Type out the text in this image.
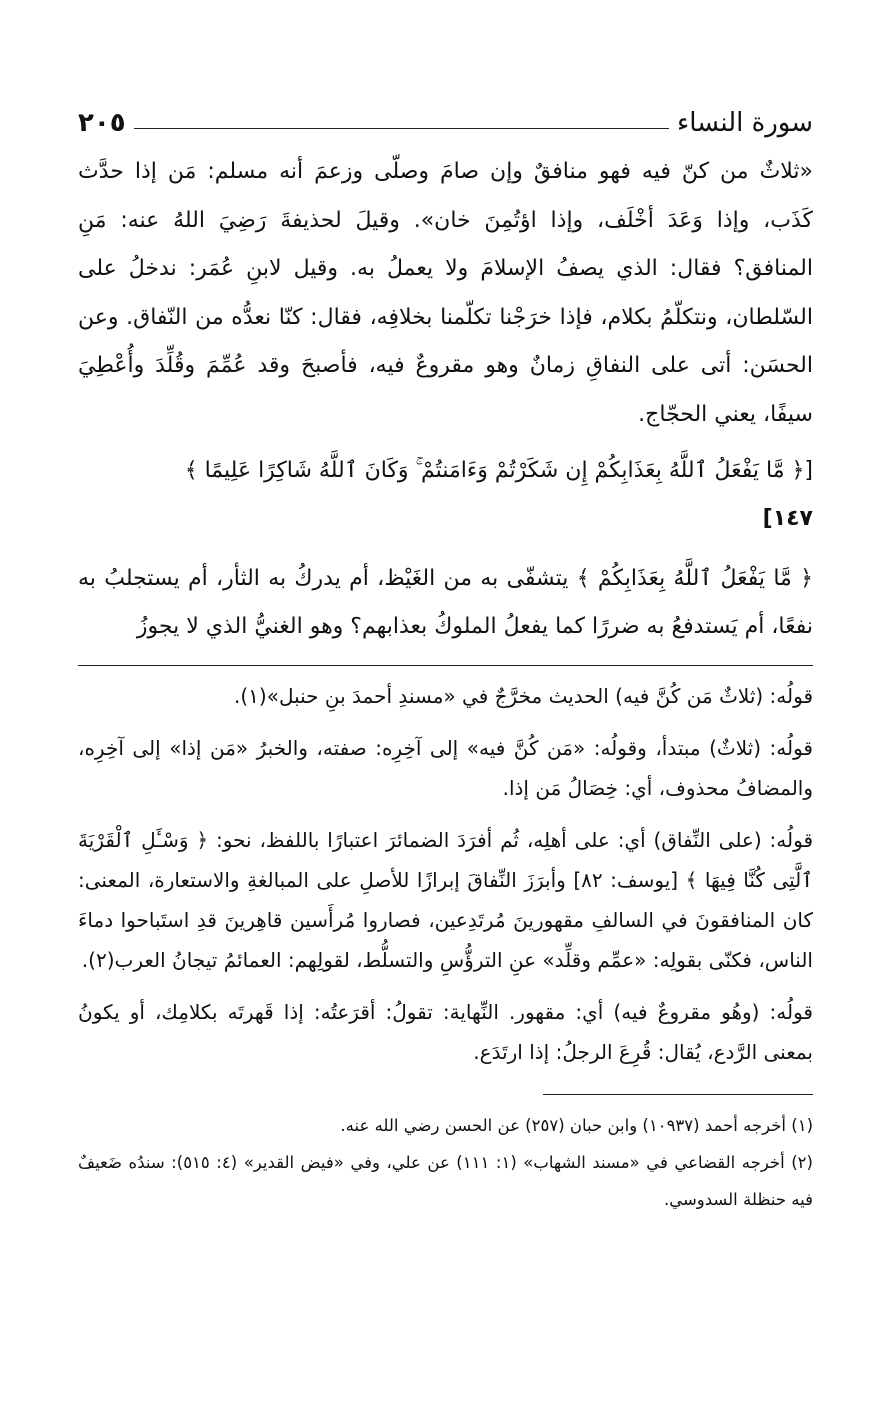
سورة النساء
٢٠٥

«ثلاثٌ من كنّ فيه فهو منافقٌ وإن صامَ وصلّى وزعمَ أنه مسلم: مَن إذا حدَّث كَذَب، وإذا وَعَدَ أخْلَف، وإذا اؤتُمِنَ خان». وقيلَ لحذيفةَ رَضِيَ اللهُ عنه: مَنِ المنافق؟ فقال: الذي يصفُ الإسلامَ ولا يعملُ به. وقيل لابنِ عُمَر: ندخلُ على السّلطان، ونتكلّمُ بكلام، فإذا خرَجْنا تكلّمنا بخلافِه، فقال: كنّا نعدُّه من النّفاق. وعن الحسَن: أتى على النفاقِ زمانٌ وهو مقروعٌ فيه، فأصبحَ وقد عُمِّمَ وقُلِّدَ وأُعْطِيَ سيفًا، يعني الحجّاج.

[﴿ مَّا يَفْعَلُ ٱللَّهُ بِعَذَابِكُمْ إِن شَكَرْتُمْ وَءَامَنتُمْ ۚ وَكَانَ ٱللَّهُ شَاكِرًا عَلِيمًا ﴾

١٤٧]

﴿ مَّا يَفْعَلُ ٱللَّهُ بِعَذَابِكُمْ ﴾ يتشفّى به من الغَيْظ، أم يدركُ به الثأر، أم يستجلبُ به نفعًا، أم يَستدفعُ به ضررًا كما يفعلُ الملوكُ بعذابهم؟ وهو الغنيُّ الذي لا يجوزُ

قولُه: (ثلاثٌ مَن كُنَّ فيه) الحديث مخرَّجٌ في «مسندِ أحمدَ بنِ حنبل»(١).

قولُه: (ثلاثٌ) مبتدأ، وقولُه: «مَن كُنَّ فيه» إلى آخِرِه: صفته، والخبرُ «مَن إذا» إلى آخِرِه، والمضافُ محذوف، أي: خِصَالُ مَن إذا.

قولُه: (على النِّفاق) أي: على أهلِه، ثُم أفرَدَ الضمائرَ اعتبارًا باللفظ، نحو: ﴿ وَسْـَٔلِ ٱلْقَرْيَةَ ٱلَّتِى كُنَّا فِيهَا ﴾ [يوسف: ٨٢] وأبرَزَ النِّفاقَ إبرازًا للأصلِ على المبالغةِ والاستعارة، المعنى: كان المنافقونَ في السالفِ مقهورينَ مُرتَدِعين، فصاروا مُرأَسين قاهِرينَ قدِ استَباحوا دماءَ الناس، فكنّى بقولِه: «عمِّم وقلِّد» عنِ الترؤُّسِ والتسلُّط، لقولِهم: العمائمُ تيجانُ العرب(٢).

قولُه: (وهُو مقروعٌ فيه) أي: مقهور. النِّهاية: تقولُ: أقرَعتُه: إذا قَهرتَه بكلامِك، أو يكونُ بمعنى الرَّدع، يُقال: قُرِعَ الرجلُ: إذا ارتَدَع.

(١) أخرجه أحمد (١٠٩٣٧) وابن حبان (٢٥٧) عن الحسن رضي الله عنه.

(٢) أخرجه القضاعي في «مسند الشهاب» (١: ١١١) عن علي، وفي «فيض القدير» (٤: ٥١٥): سندُه ضَعيفٌ فيه حنظلة السدوسي.
